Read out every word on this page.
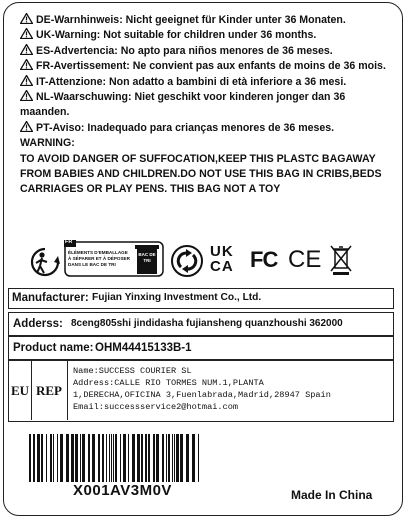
DE-Warnhinweis: Nicht geeignet für Kinder unter 36 Monaten.
UK-Warning: Not suitable for children under 36 months.
ES-Advertencia: No apto para niños menores de 36 meses.
FR-Avertissement: Ne convient pas aux enfants de moins de 36 mois.
IT-Attenzione: Non adatto a bambini di età inferiore a 36 mesi.
NL-Waarschuwing: Niet geschikt voor kinderen jonger dan 36 maanden.
PT-Aviso: Inadequado para crianças menores de 36 meses.
WARNING:
TO AVOID DANGER OF SUFFOCATION,KEEP THIS PLASTC BAGAWAY FROM BABIES AND CHILDREN.DO NOT USE THIS BAG IN CRIBS,BEDS CARRIAGES OR PLAY PENS. THIS BAG NOT A TOY
FR
ÉLÉMENTS D'EMBALLAGE
À SÉPARER ET À DÉPOSER
DANS LE BAC DE TRI
BAC DE TRI
UK
CA FC CE
Manufacturer: Fujian Yinxing Investment Co., Ltd.
Adderss: 8ceng805shi jindidasha fujiansheng quanzhoushi 362000
Product name: OHM44415133B-1
EU REP
Name:SUCCESS COURIER SL
Address:CALLE RIO TORMES NUM.1,PLANTA
1,DERECHA,OFICINA 3,Fuenlabrada,Madrid,28947 Spain
Email:successservice2@hotmai.com
X001AV3M0V	Made In China
